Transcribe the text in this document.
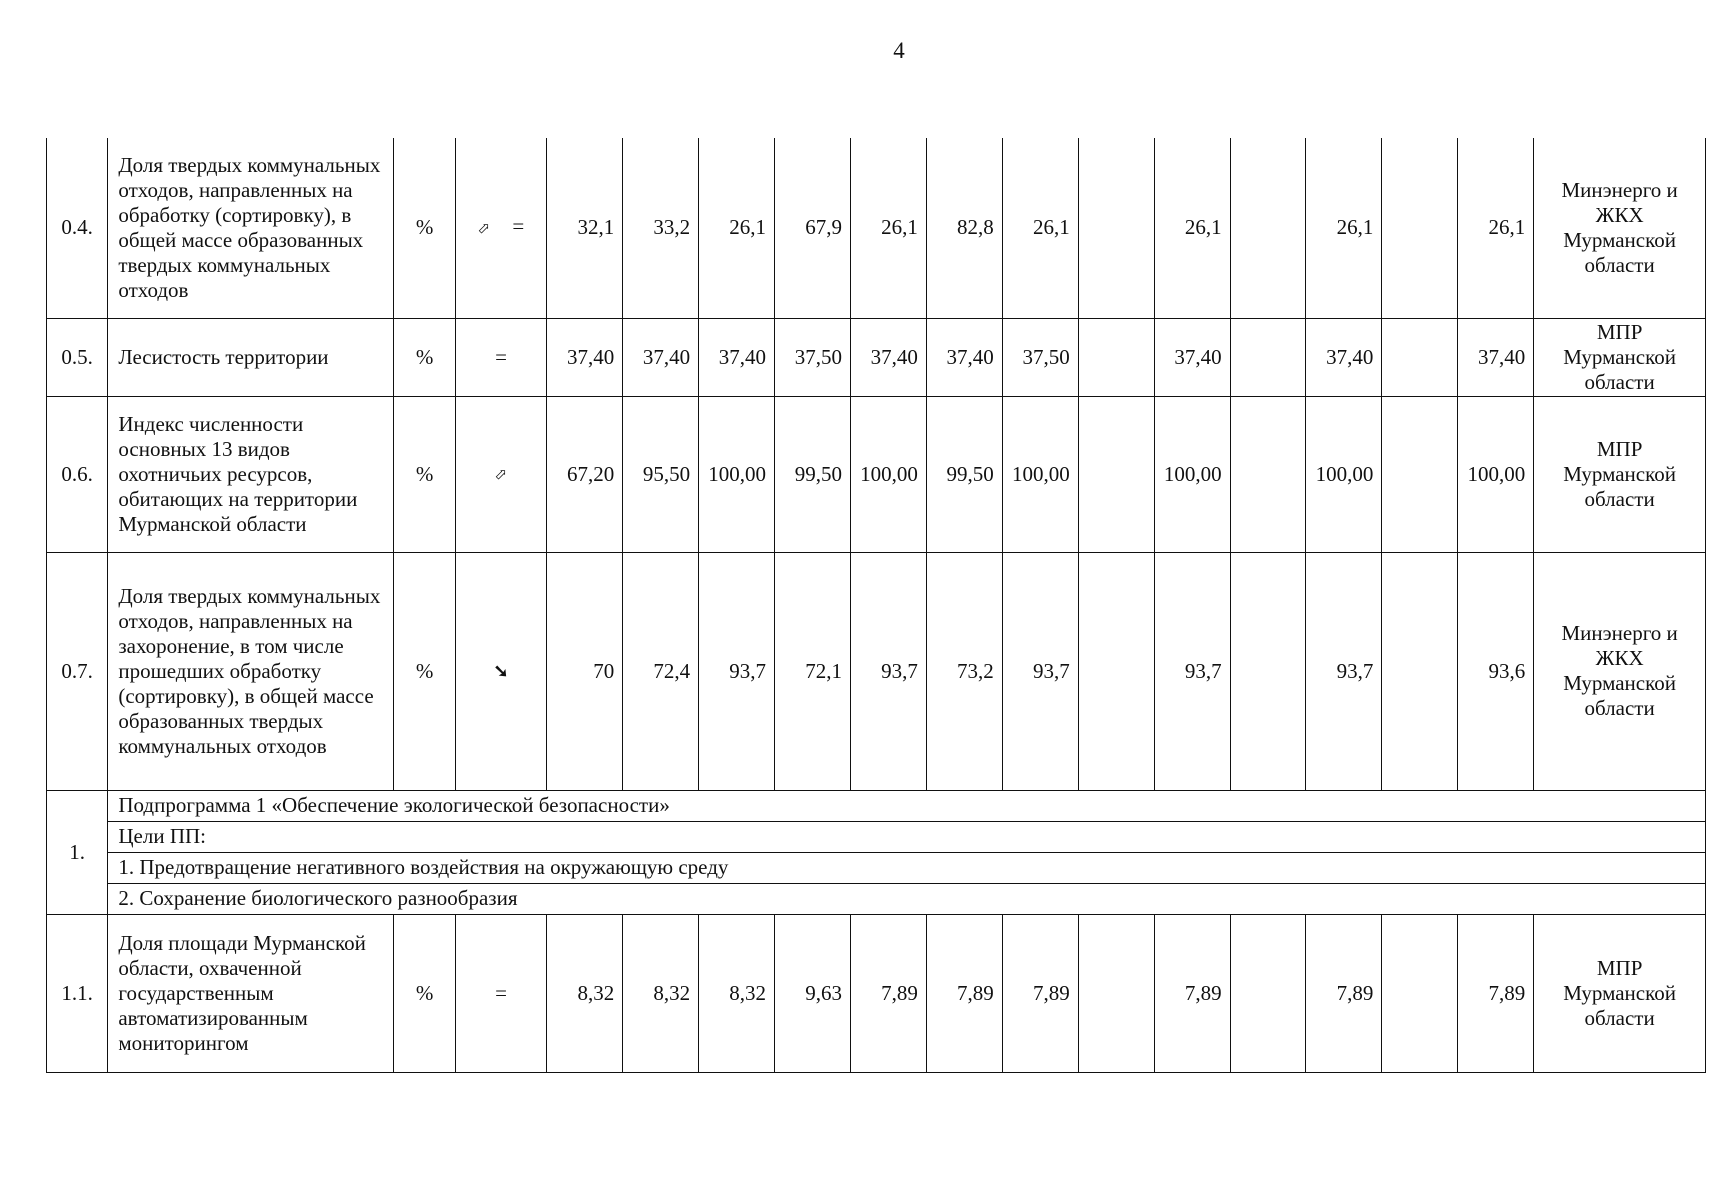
4
0.4.	Доля твердых коммунальных отходов, направленных на обработку (сортировку), в общей массе образованных твердых коммунальных отходов	%	⬀ =	32,1	33,2	26,1	67,9	26,1	82,8	26,1		26,1		26,1		26,1	Минэнерго и ЖКХ Мурманской области
0.5.	Лесистость территории	%	=	37,40	37,40	37,40	37,50	37,40	37,40	37,50		37,40		37,40		37,40	МПР Мурманской области
0.6.	Индекс численности основных 13 видов охотничьих ресурсов, обитающих на территории Мурманской области	%	⬀	67,20	95,50	100,00	99,50	100,00	99,50	100,00		100,00		100,00		100,00	МПР Мурманской области
0.7.	Доля твердых коммунальных отходов, направленных на захоронение, в том числе прошедших обработку (сортировку), в общей массе образованных твердых коммунальных отходов	%	➘	70	72,4	93,7	72,1	93,7	73,2	93,7		93,7		93,7		93,6	Минэнерго и ЖКХ Мурманской области
1.	Подпрограмма 1 «Обеспечение экологической безопасности»																
	Цели ПП:																
	1. Предотвращение негативного воздействия на окружающую среду																
	2. Сохранение биологического разнообразия																
1.1.	Доля площади Мурманской области, охваченной государственным автоматизированным мониторингом	%	=	8,32	8,32	8,32	9,63	7,89	7,89	7,89		7,89		7,89		7,89	МПР Мурманской области
